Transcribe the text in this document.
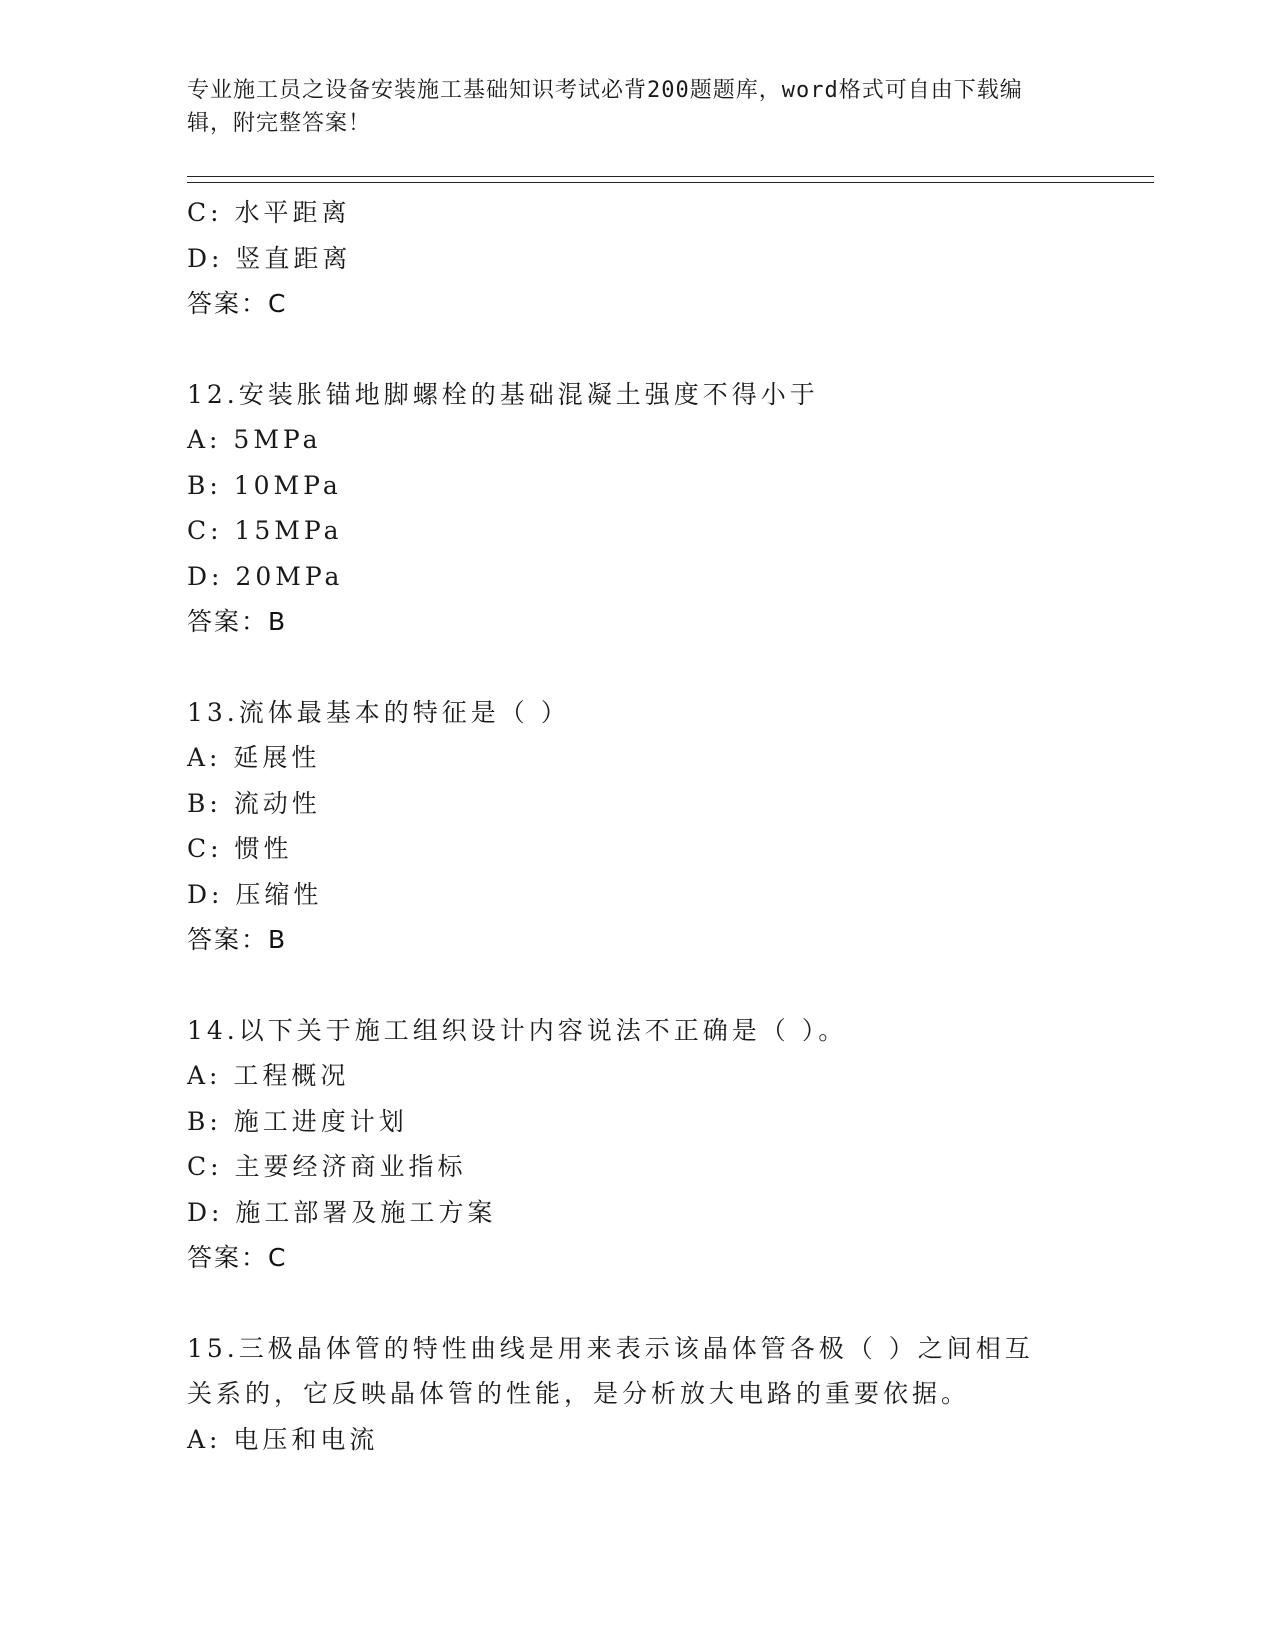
专业施工员之设备安装施工基础知识考试必背200题题库，word格式可自由下载编辑，附完整答案！
C: 水平距离
D: 竖直距离
答案：C
12.安装胀锚地脚螺栓的基础混凝土强度不得小于
A: 5MPa
B: 10MPa
C: 15MPa
D: 20MPa
答案：B
13.流体最基本的特征是（ ）
A: 延展性
B: 流动性
C: 惯性
D: 压缩性
答案：B
14.以下关于施工组织设计内容说法不正确是（ ）。
A: 工程概况
B: 施工进度计划
C: 主要经济商业指标
D: 施工部署及施工方案
答案：C
15.三极晶体管的特性曲线是用来表示该晶体管各极（ ）之间相互关系的，它反映晶体管的性能，是分析放大电路的重要依据。
A: 电压和电流
